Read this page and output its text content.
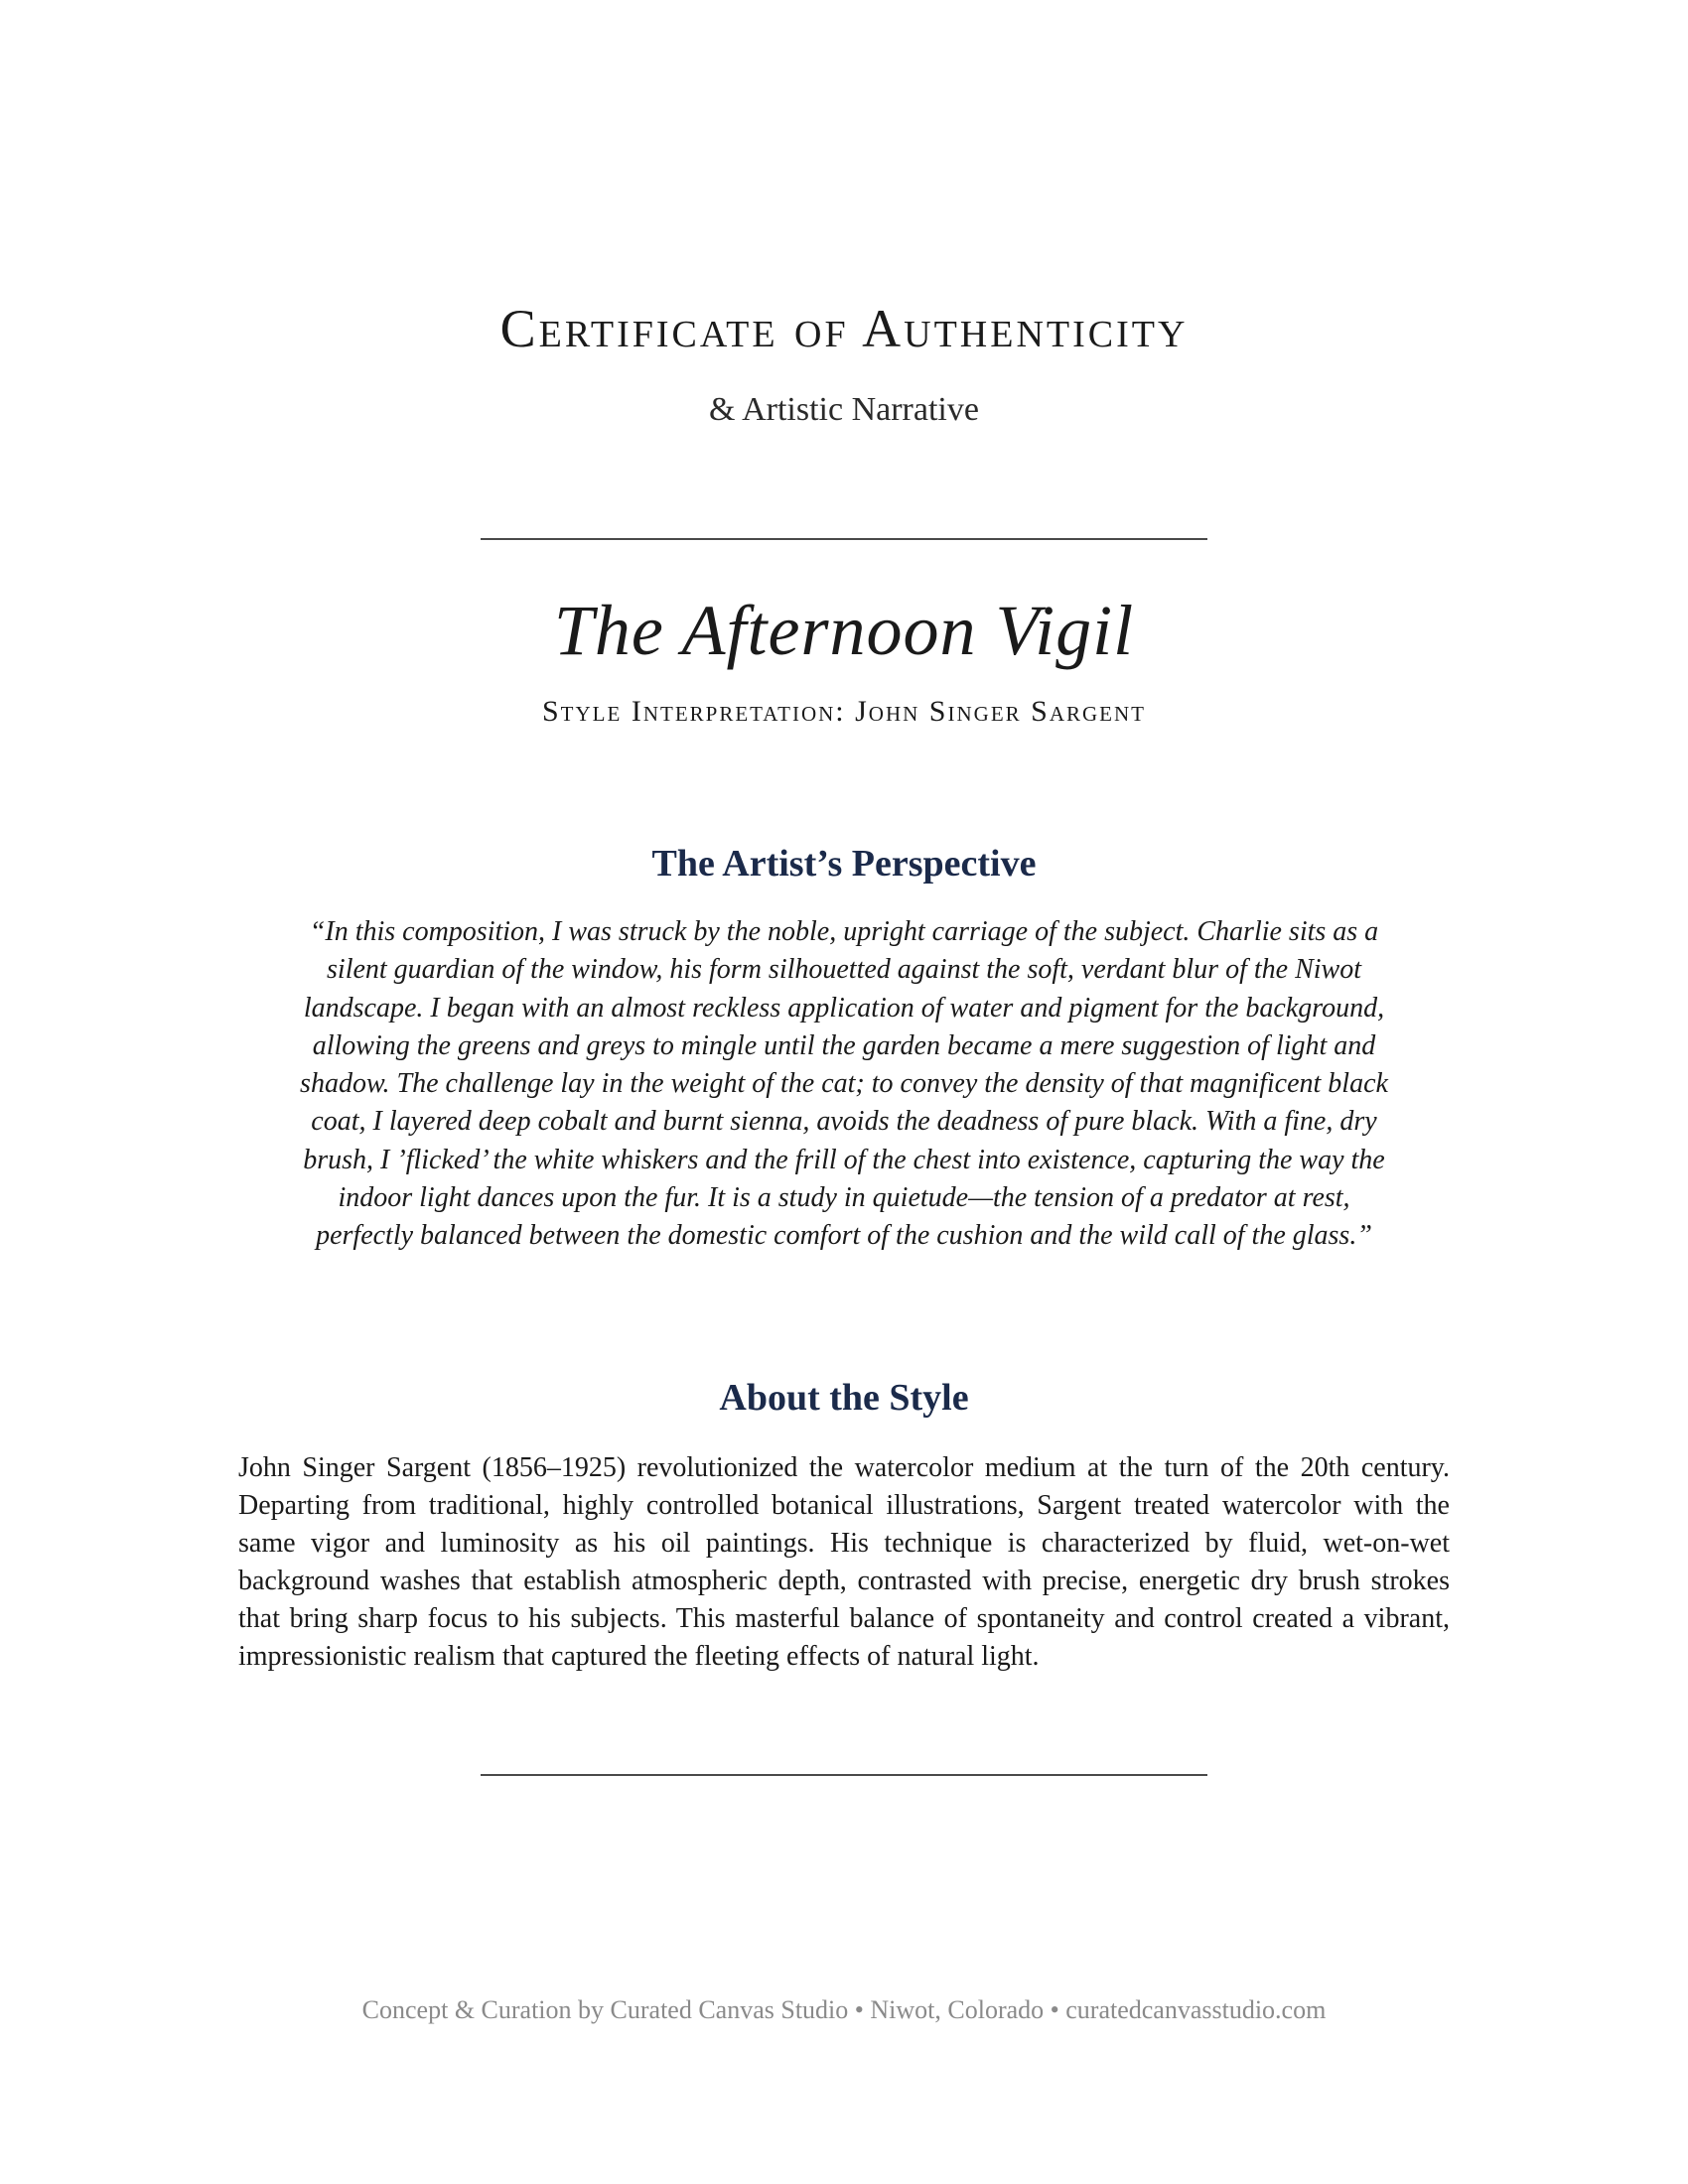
Certificate of Authenticity
& Artistic Narrative
The Afternoon Vigil
Style Interpretation: John Singer Sargent
The Artist’s Perspective

“In this composition, I was struck by the noble, upright carriage of the subject. Charlie sits as a silent guardian of the window, his form silhouetted against the soft, verdant blur of the Niwot landscape. I began with an almost reckless application of water and pigment for the background, allowing the greens and greys to mingle until the garden became a mere suggestion of light and shadow. The challenge lay in the weight of the cat; to convey the density of that magnificent black coat, I layered deep cobalt and burnt sienna, avoids the deadness of pure black. With a fine, dry brush, I ’flicked’ the white whiskers and the frill of the chest into existence, capturing the way the indoor light dances upon the fur. It is a study in quietude—the tension of a predator at rest, perfectly balanced between the domestic comfort of the cushion and the wild call of the glass.”

About the Style

John Singer Sargent (1856–1925) revolutionized the watercolor medium at the turn of the 20th century. Departing from traditional, highly controlled botanical illustrations, Sargent treated watercolor with the same vigor and luminosity as his oil paintings. His technique is characterized by fluid, wet-on-wet background washes that establish atmospheric depth, contrasted with precise, energetic dry brush strokes that bring sharp focus to his subjects. This masterful balance of spontaneity and control created a vibrant, impressionistic realism that captured the fleeting effects of natural light.

Concept & Curation by Curated Canvas Studio • Niwot, Colorado • curatedcanvasstudio.com
